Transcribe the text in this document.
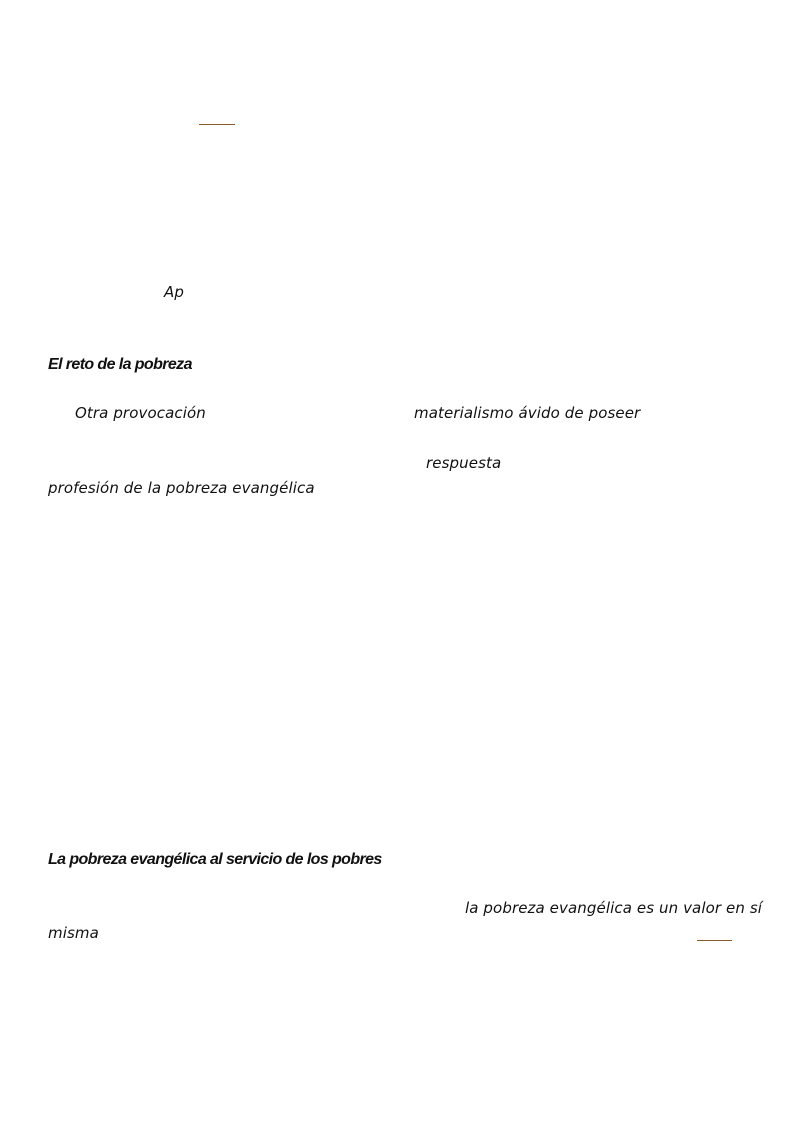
Ap
El reto de la pobreza
Otra provocación	materialismo ávido de poseer
respuesta
profesión de la pobreza evangélica
La pobreza evangélica al servicio de los pobres
la pobreza evangélica es un valor en sí
misma
